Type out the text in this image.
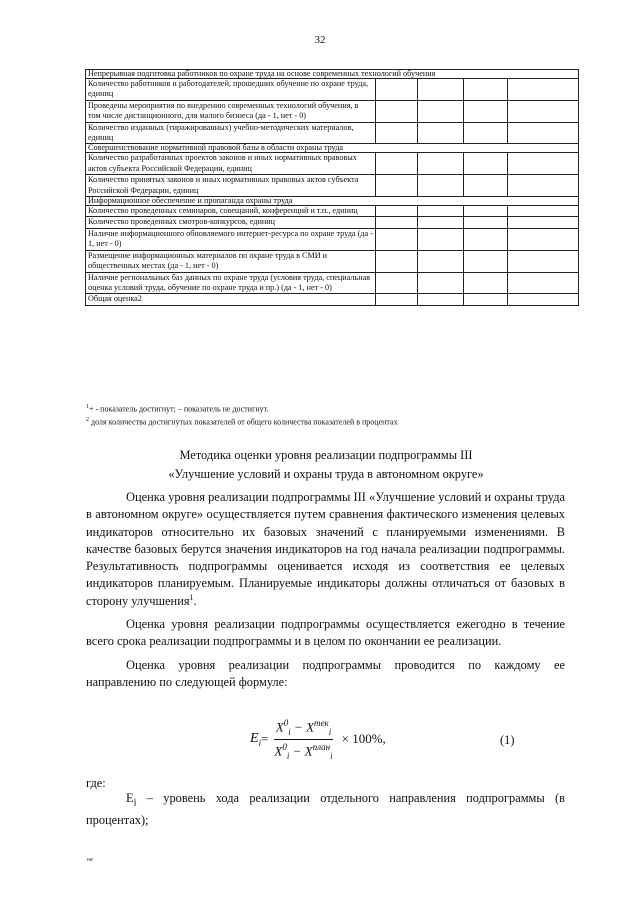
32
Непрерывная подготовка работников по охране труда на основе современных технологий обучения				
Количество работников и работодателей, прошедших обучение по охране труда, единиц				
Проведены мероприятия по внедрению современных технологий обучения, в том числе дистанционного, для малого бизнеса (да - 1, нет - 0)				
Количество изданных (тиражированных) учебно-методических материалов, единиц				
Совершенствование нормативной правовой базы в области охраны труда				
Количество разработанных проектов законов и иных нормативных правовых актов субъекта Российской Федерации, единиц				
Количество принятых законов и иных нормативных правовых актов субъекта Российской Федерации, единиц				
Информационное обеспечение и пропаганда охраны труда				
Количество проведенных семинаров, совещаний, конференций и т.п., единиц				
Количество проведенных смотров-конкурсов, единиц				
Наличие информационного обновляемого интернет-ресурса по охране труда (да - 1, нет - 0)				
Размещение информационных материалов по охране труда в СМИ и общественных местах (да - 1, нет - 0)				
Наличие региональных баз данных по охране труда (условия труда, специальная оценка условий труда, обучение по охране труда и пр.) (да - 1, нет - 0)				
Общая оценка2				
$^1$+ - показатель достигнут; – показатель не достигнут.
$^2$ доля количества достигнутых показателей от общего количества показателей в процентах
Методика оценки уровня реализации подпрограммы III
«Улучшение условий и охраны труда в автономном округе»

Оценка уровня реализации подпрограммы III «Улучшение условий и охраны труда в автономном округе» осуществляется путем сравнения фактического изменения целевых индикаторов относительно их базовых значений с планируемыми изменениями. В качестве базовых берутся значения индикаторов на год начала реализации подпрограммы. Результативность подпрограммы оценивается исходя из соответствия ее целевых индикаторов планируемым. Планируемые индикаторы должны отличаться от базовых в сторону улучшения$^1$.

Оценка уровня реализации подпрограммы осуществляется ежегодно в течение всего срока реализации подпрограммы и в целом по окончании ее реализации.

Оценка уровня реализации подпрограммы проводится по каждому ее направлению по следующей формуле:

$E_i = \frac{X^0_i - X^{тек}_i}{X^0_i - X^{план}_i} \times 100\%$,	(1)
где:
$E_i$ – уровень хода реализации отдельного направления подпрограммы (в процентах);
нв
